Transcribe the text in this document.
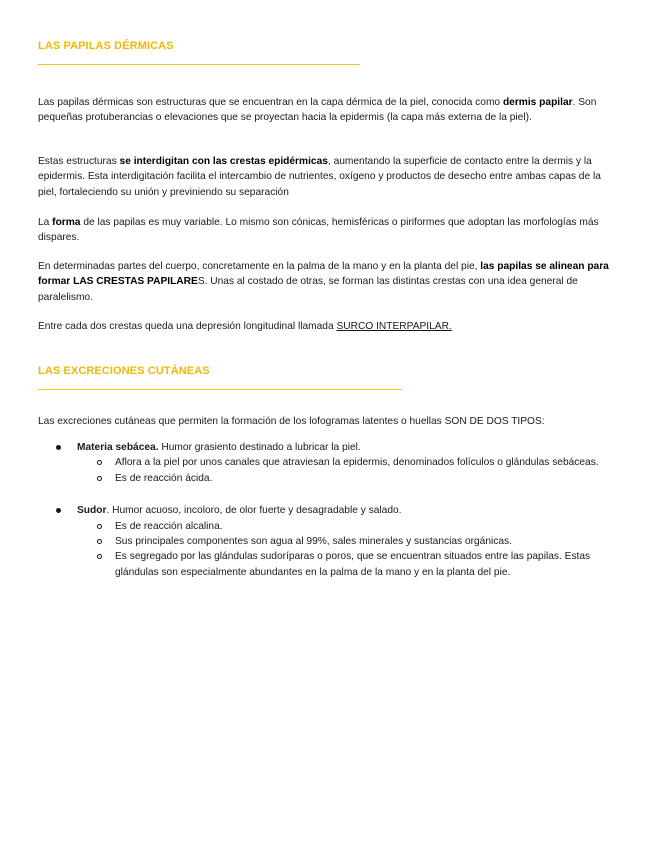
LAS PAPILAS DÉRMICAS

Las papilas dérmicas son estructuras que se encuentran en la capa dérmica de la piel, conocida como dermis papilar. Son pequeñas protuberancias o elevaciones que se proyectan hacia la epidermis (la capa más externa de la piel).

Estas estructuras se interdigitan con las crestas epidérmicas, aumentando la superficie de contacto entre la dermis y la epidermis. Esta interdigitación facilita el intercambio de nutrientes, oxígeno y productos de desecho entre ambas capas de la piel, fortaleciendo su unión y previniendo su separación

La forma de las papilas es muy variable. Lo mismo son cónicas, hemisféricas o piriformes que adoptan las morfologías más dispares.

En determinadas partes del cuerpo, concretamente en la palma de la mano y en la planta del pie, las papilas se alinean para formar LAS CRESTAS PAPILARES. Unas al costado de otras, se forman las distintas crestas con una idea general de paralelismo.

Entre cada dos crestas queda una depresión longitudinal llamada SURCO INTERPAPILAR.

LAS EXCRECIONES CUTÁNEAS

Las excreciones cutáneas que permiten la formación de los lofogramas latentes o huellas SON DE DOS TIPOS:

Materia sebácea. Humor grasiento destinado a lubricar la piel.
Aflora a la piel por unos canales que atraviesan la epidermis, denominados folículos o glándulas sebáceas.
Es de reacción ácida.
Sudor. Humor acuoso, incoloro, de olor fuerte y desagradable y salado.
Es de reacción alcalina.
Sus principales componentes son agua al 99%, sales minerales y sustancias orgánicas.
Es segregado por las glándulas sudoríparas o poros, que se encuentran situados entre las papilas. Estas glándulas son especialmente abundantes en la palma de la mano y en la planta del pie.
